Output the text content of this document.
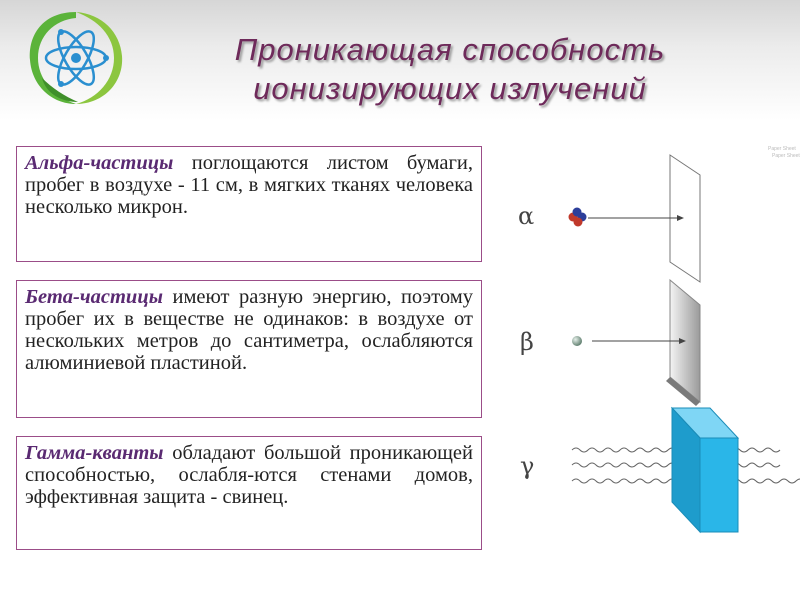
Проникающая способность
ионизирующих излучений
Альфа-частицы поглощаются листом бумаги, пробег в воздухе - 11 см, в мягких тканях человека несколько микрон.
Бета-частицы имеют разную энергию, поэтому пробег их в веществе не одинаков: в воздухе от нескольких метров до сантиметра, ослабляются алюминиевой пластиной.
Гамма-кванты обладают большой проникающей способностью, ослабля-ются стенами домов, эффективная защита - свинец.
Paper Sheet
Paper Sheet
α
β
γ
